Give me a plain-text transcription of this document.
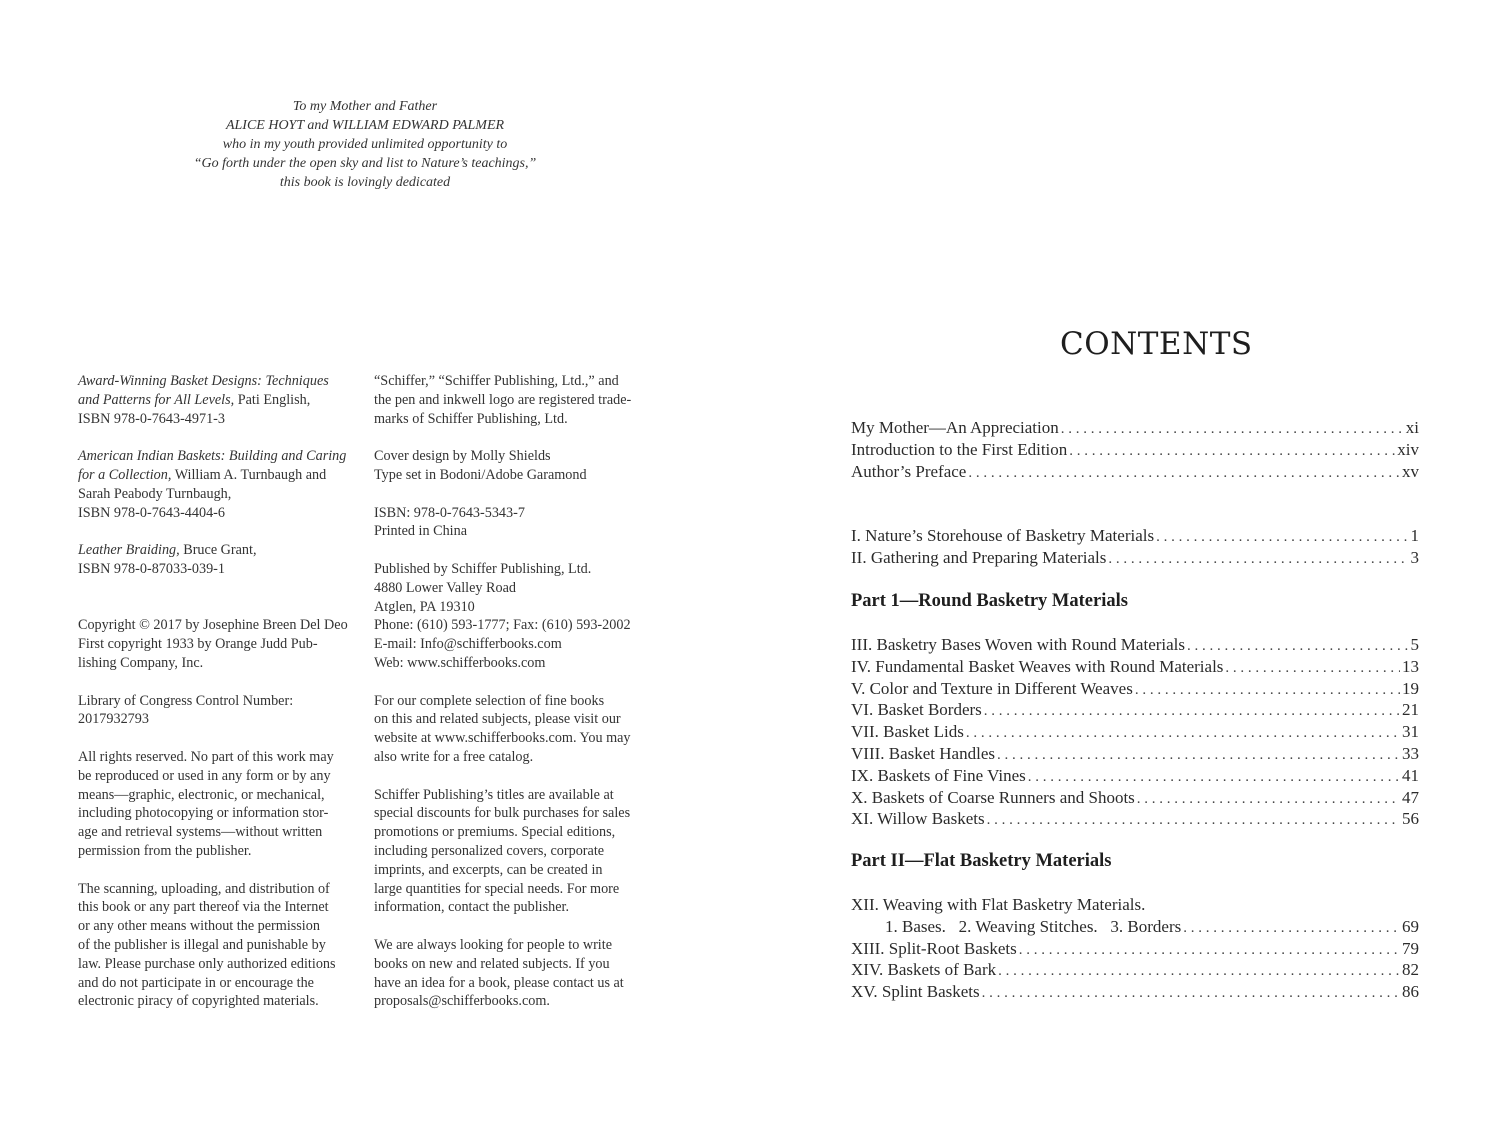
To my Mother and Father
ALICE HOYT and WILLIAM EDWARD PALMER
who in my youth provided unlimited opportunity to
“Go forth under the open sky and list to Nature’s teachings,”
this book is lovingly dedicated
Award-Winning Basket Designs: Techniques
and Patterns for All Levels, Pati English,
ISBN 978-0-7643-4971-3
American Indian Baskets: Building and Caring
for a Collection, William A. Turnbaugh and
Sarah Peabody Turnbaugh,
ISBN 978-0-7643-4404-6
Leather Braiding, Bruce Grant,
ISBN 978-0-87033-039-1
Copyright © 2017 by Josephine Breen Del Deo
First copyright 1933 by Orange Judd Pub-
lishing Company, Inc.
Library of Congress Control Number:
2017932793
All rights reserved. No part of this work may
be reproduced or used in any form or by any
means—graphic, electronic, or mechanical,
including photocopying or information stor-
age and retrieval systems—without written
permission from the publisher.
The scanning, uploading, and distribution of
this book or any part thereof via the Internet
or any other means without the permission
of the publisher is illegal and punishable by
law. Please purchase only authorized editions
and do not participate in or encourage the
electronic piracy of copyrighted materials.
“Schiffer,” “Schiffer Publishing, Ltd.,” and
the pen and inkwell logo are registered trade-
marks of Schiffer Publishing, Ltd.
Cover design by Molly Shields
Type set in Bodoni/Adobe Garamond
ISBN: 978-0-7643-5343-7
Printed in China
Published by Schiffer Publishing, Ltd.
4880 Lower Valley Road
Atglen, PA 19310
Phone: (610) 593-1777; Fax: (610) 593-2002
E-mail: Info@schifferbooks.com
Web: www.schifferbooks.com
For our complete selection of fine books
on this and related subjects, please visit our
website at www.schifferbooks.com. You may
also write for a free catalog.
Schiffer Publishing’s titles are available at
special discounts for bulk purchases for sales
promotions or premiums. Special editions,
including personalized covers, corporate
imprints, and excerpts, can be created in
large quantities for special needs. For more
information, contact the publisher.
We are always looking for people to write
books on new and related subjects. If you
have an idea for a book, please contact us at
proposals@schifferbooks.com.
CONTENTS
My Mother—An Appreciation . . .	xi
Introduction to the First Edition . . .	xiv
Author’s Preface . . .	xv
I. Nature’s Storehouse of Basketry Materials . . .	1
II. Gathering and Preparing Materials . . .	3
Part 1—Round Basketry Materials
III. Basketry Bases Woven with Round Materials . . .	5
IV. Fundamental Basket Weaves with Round Materials . . .	13
V. Color and Texture in Different Weaves . . .	19
VI. Basket Borders . . .	21
VII. Basket Lids . . .	31
VIII. Basket Handles . . .	33
IX. Baskets of Fine Vines . . .	41
X. Baskets of Coarse Runners and Shoots . . .	47
XI. Willow Baskets . . .	56
Part II—Flat Basketry Materials
XII. Weaving with Flat Basketry Materials.
1. Bases.   2. Weaving Stitches.   3. Borders . . .	69
XIII. Split-Root Baskets . . .	79
XIV. Baskets of Bark . . .	82
XV. Splint Baskets . . .	86
